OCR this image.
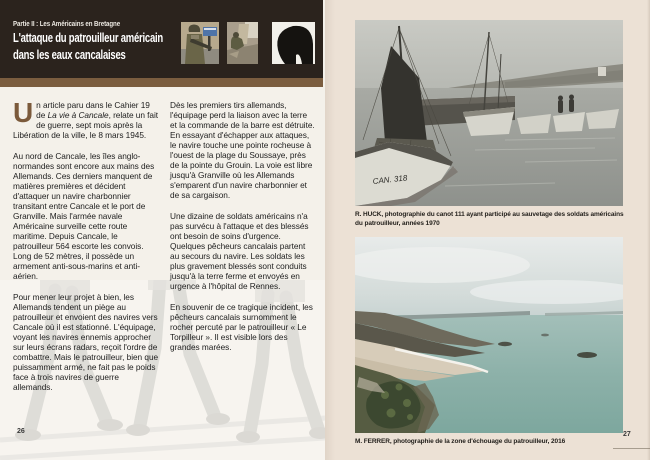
Partie II : Les Américains en Bretagne
L'attaque du patrouilleur américain
dans les eaux cancalaises

Un article paru dans le Cahier 19 de La vie à Cancale, relate un fait de guerre, sept mois après la Libération de la ville, le 8 mars 1945.

Au nord de Cancale, les îles anglo-normandes sont encore aux mains des Allemands. Ces derniers manquent de matières premières et décident d'attaquer un navire charbonnier transitant entre Cancale et le port de Granville. Mais l'armée navale Américaine surveille cette route maritime. Depuis Cancale, le patrouilleur 564 escorte les convois. Long de 52 mètres, il possède un armement anti-sous-marins et anti-aérien.

Pour mener leur projet à bien, les Allemands tendent un piège au patrouilleur et envoient des navires vers Cancale où il est stationné. L'équipage, voyant les navires ennemis approcher sur leurs écrans radars, reçoit l'ordre de combattre. Mais le patrouilleur, bien que puissamment armé, ne fait pas le poids face à trois navires de guerre allemands.

Dès les premiers tirs allemands, l'équipage perd la liaison avec la terre et la commande de la barre est détruite. En essayant d'échapper aux attaques, le navire touche une pointe rocheuse à l'ouest de la plage du Soussaye, près de la pointe du Grouin. La voie est libre jusqu'à Granville où les Allemands s'emparent d'un navire charbonnier et de sa cargaison.

Une dizaine de soldats américains n'a pas survécu à l'attaque et des blessés ont besoin de soins d'urgence. Quelques pêcheurs cancalais partent au secours du navire. Les soldats les plus gravement blessés sont conduits jusqu'à la terre ferme et envoyés en urgence à l'hôpital de Rennes.

En souvenir de ce tragique incident, les pêcheurs cancalais surnomment le rocher percuté par le patrouilleur « Le Torpilleur ». Il est visible lors des grandes marées.

26
CAN. 318
R. HUCK, photographie du canot 111 ayant participé au sauvetage des soldats américains du patrouilleur, années 1970
M. FERRER, photographie de la zone d'échouage du patrouilleur, 2016
27
